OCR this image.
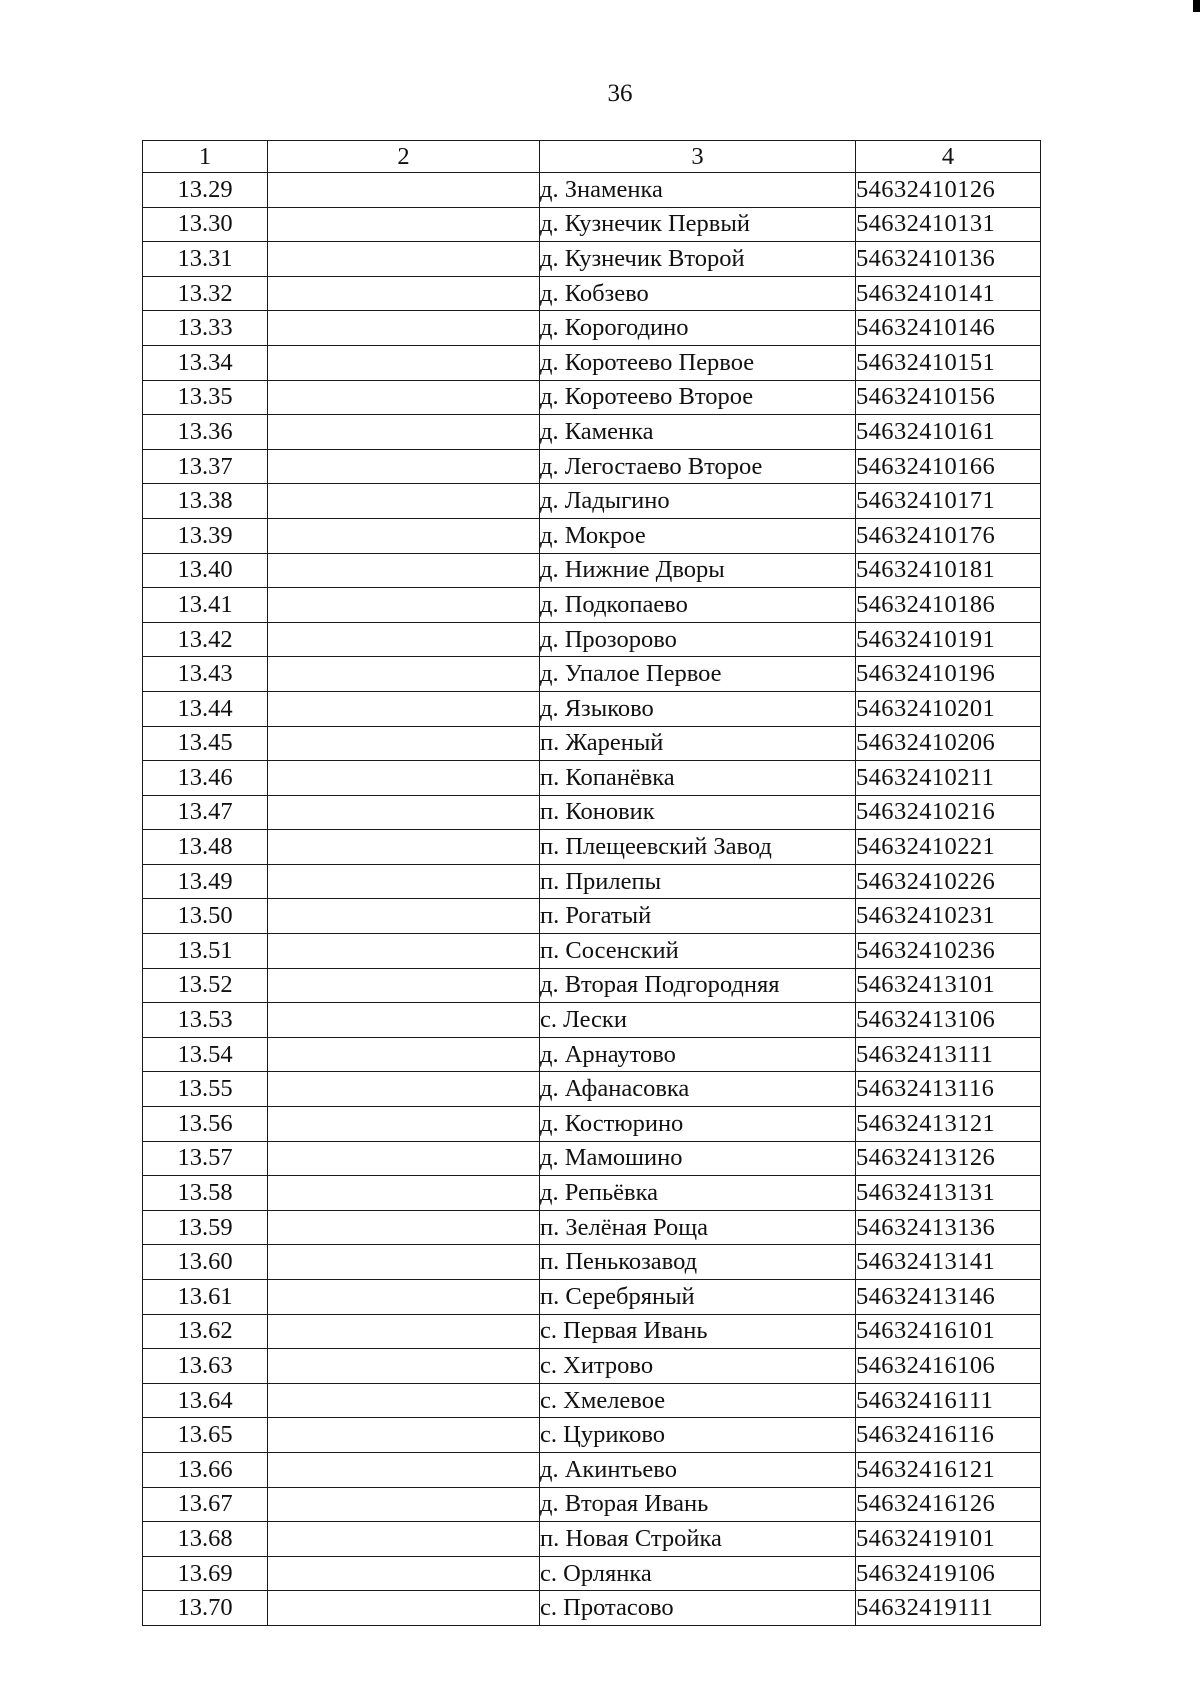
36
1	2	3	4
13.29		д. Знаменка	54632410126
13.30		д. Кузнечик Первый	54632410131
13.31		д. Кузнечик Второй	54632410136
13.32		д. Кобзево	54632410141
13.33		д. Корогодино	54632410146
13.34		д. Коротеево Первое	54632410151
13.35		д. Коротеево Второе	54632410156
13.36		д. Каменка	54632410161
13.37		д. Легостаево Второе	54632410166
13.38		д. Ладыгино	54632410171
13.39		д. Мокрое	54632410176
13.40		д. Нижние Дворы	54632410181
13.41		д. Подкопаево	54632410186
13.42		д. Прозорово	54632410191
13.43		д. Упалое Первое	54632410196
13.44		д. Языково	54632410201
13.45		п. Жареный	54632410206
13.46		п. Копанёвка	54632410211
13.47		п. Коновик	54632410216
13.48		п. Плещеевский Завод	54632410221
13.49		п. Прилепы	54632410226
13.50		п. Рогатый	54632410231
13.51		п. Сосенский	54632410236
13.52		д. Вторая Подгородняя	54632413101
13.53		с. Лески	54632413106
13.54		д. Арнаутово	54632413111
13.55		д. Афанасовка	54632413116
13.56		д. Костюрино	54632413121
13.57		д. Мамошино	54632413126
13.58		д. Репьёвка	54632413131
13.59		п. Зелёная Роща	54632413136
13.60		п. Пенькозавод	54632413141
13.61		п. Серебряный	54632413146
13.62		с. Первая Ивань	54632416101
13.63		с. Хитрово	54632416106
13.64		с. Хмелевое	54632416111
13.65		с. Цуриково	54632416116
13.66		д. Акинтьево	54632416121
13.67		д. Вторая Ивань	54632416126
13.68		п. Новая Стройка	54632419101
13.69		с. Орлянка	54632419106
13.70		с. Протасово	54632419111
